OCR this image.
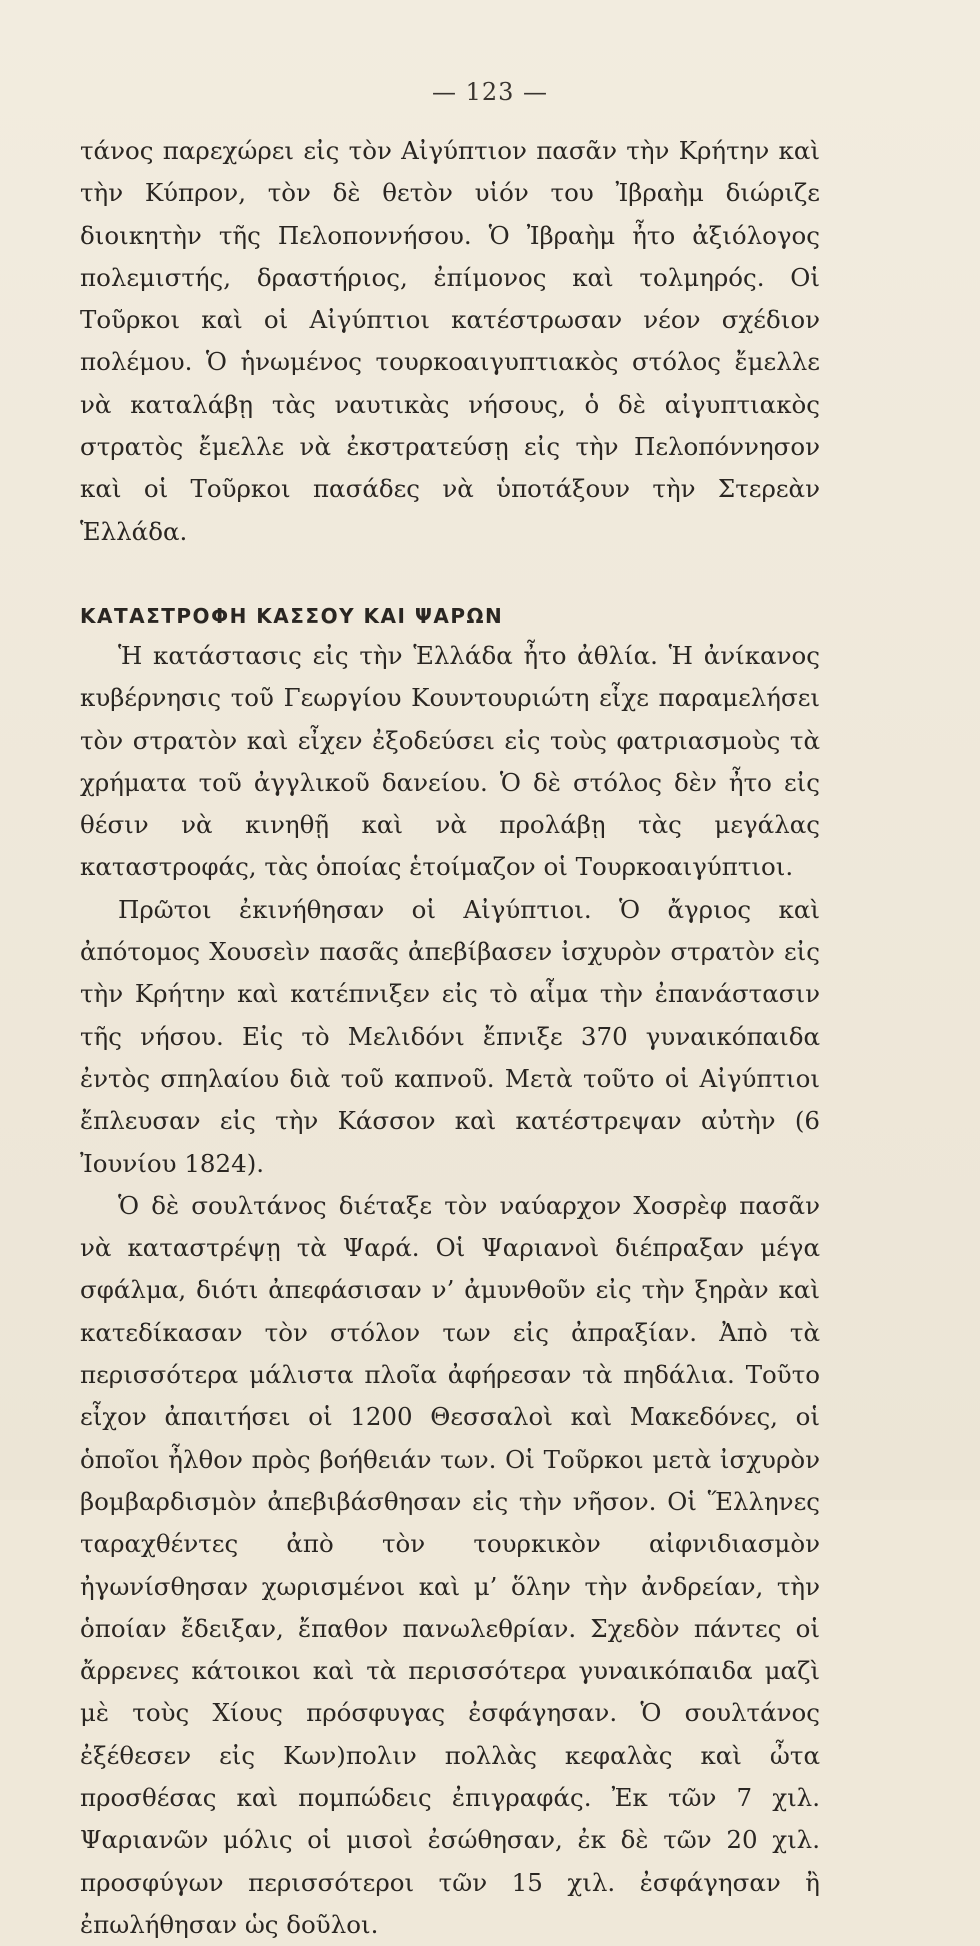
— 123 —

τάνος παρεχώρει εἰς τὸν Αἰγύπτιον πασᾶν τὴν Κρήτην καὶ τὴν Κύπρον, τὸν δὲ θετὸν υἱόν του Ἰβραὴμ διώριζε διοικητὴν τῆς Πελοποννήσου. Ὁ Ἰβραὴμ ἦτο ἀξιόλογος πολεμιστής, δραστήριος, ἐπίμονος καὶ τολμηρός. Οἱ Τοῦρκοι καὶ οἱ Αἰγύπτιοι κατέστρωσαν νέον σχέδιον πολέμου. Ὁ ἡνωμένος τουρκοαιγυπτιακὸς στόλος ἔμελλε νὰ καταλάβῃ τὰς ναυτικὰς νήσους, ὁ δὲ αἰγυπτιακὸς στρατὸς ἔμελλε νὰ ἐκστρατεύσῃ εἰς τὴν Πελοπόννησον καὶ οἱ Τοῦρκοι πασάδες νὰ ὑποτάξουν τὴν Στερεὰν Ἑλλάδα.

ΚΑΤΑΣΤΡΟΦΗ ΚΑΣΣΟΥ ΚΑΙ ΨΑΡΩΝ

Ἡ κατάστασις εἰς τὴν Ἑλλάδα ἦτο ἀθλία. Ἡ ἀνίκανος κυβέρνησις τοῦ Γεωργίου Κουντουριώτη εἶχε παραμελήσει τὸν στρατὸν καὶ εἶχεν ἐξοδεύσει εἰς τοὺς φατριασμοὺς τὰ χρήματα τοῦ ἀγγλικοῦ δανείου. Ὁ δὲ στόλος δὲν ἦτο εἰς θέσιν νὰ κινηθῇ καὶ νὰ προλάβῃ τὰς μεγάλας καταστροφάς, τὰς ὁποίας ἑτοίμαζον οἱ Τουρκοαιγύπτιοι.

Πρῶτοι ἐκινήθησαν οἱ Αἰγύπτιοι. Ὁ ἄγριος καὶ ἀπότομος Χουσεὶν πασᾶς ἀπεβίβασεν ἰσχυρὸν στρατὸν εἰς τὴν Κρήτην καὶ κατέπνιξεν εἰς τὸ αἷμα τὴν ἐπανάστασιν τῆς νήσου. Εἰς τὸ Μελιδόνι ἔπνιξε 370 γυναικόπαιδα ἐντὸς σπηλαίου διὰ τοῦ καπνοῦ. Μετὰ τοῦτο οἱ Αἰγύπτιοι ἔπλευσαν εἰς τὴν Κάσσον καὶ κατέστρεψαν αὐτὴν (6 Ἰουνίου 1824).

Ὁ δὲ σουλτάνος διέταξε τὸν ναύαρχον Χοσρὲφ πασᾶν νὰ καταστρέψῃ τὰ Ψαρά. Οἱ Ψαριανοὶ διέπραξαν μέγα σφάλμα, διότι ἀπεφάσισαν ν’ ἀμυνθοῦν εἰς τὴν ξηρὰν καὶ κατεδίκασαν τὸν στόλον των εἰς ἀπραξίαν. Ἀπὸ τὰ περισσότερα μάλιστα πλοῖα ἀφήρεσαν τὰ πηδάλια. Τοῦτο εἶχον ἀπαιτήσει οἱ 1200 Θεσσαλοὶ καὶ Μακεδόνες, οἱ ὁποῖοι ἦλθον πρὸς βοήθειάν των. Οἱ Τοῦρκοι μετὰ ἰσχυρὸν βομβαρδισμὸν ἀπεβιβάσθησαν εἰς τὴν νῆσον. Οἱ Ἕλληνες ταραχθέντες ἀπὸ τὸν τουρκικὸν αἰφνιδιασμὸν ἠγωνίσθησαν χωρισμένοι καὶ μ’ ὅλην τὴν ἀνδρείαν, τὴν ὁποίαν ἔδειξαν, ἔπαθον πανωλεθρίαν. Σχεδὸν πάντες οἱ ἄρρενες κάτοικοι καὶ τὰ περισσότερα γυναικόπαιδα μαζὶ μὲ τοὺς Χίους πρόσφυγας ἐσφάγησαν. Ὁ σουλτάνος ἐξέθεσεν εἰς Κων)πολιν πολλὰς κεφαλὰς καὶ ὦτα προσθέσας καὶ πομπώδεις ἐπιγραφάς. Ἐκ τῶν 7 χιλ. Ψαριανῶν μόλις οἱ μισοὶ ἐσώθησαν, ἐκ δὲ τῶν 20 χιλ. προσφύγων περισσότεροι τῶν 15 χιλ. ἐσφάγησαν ἢ ἐπωλήθησαν ὡς δοῦλοι.
